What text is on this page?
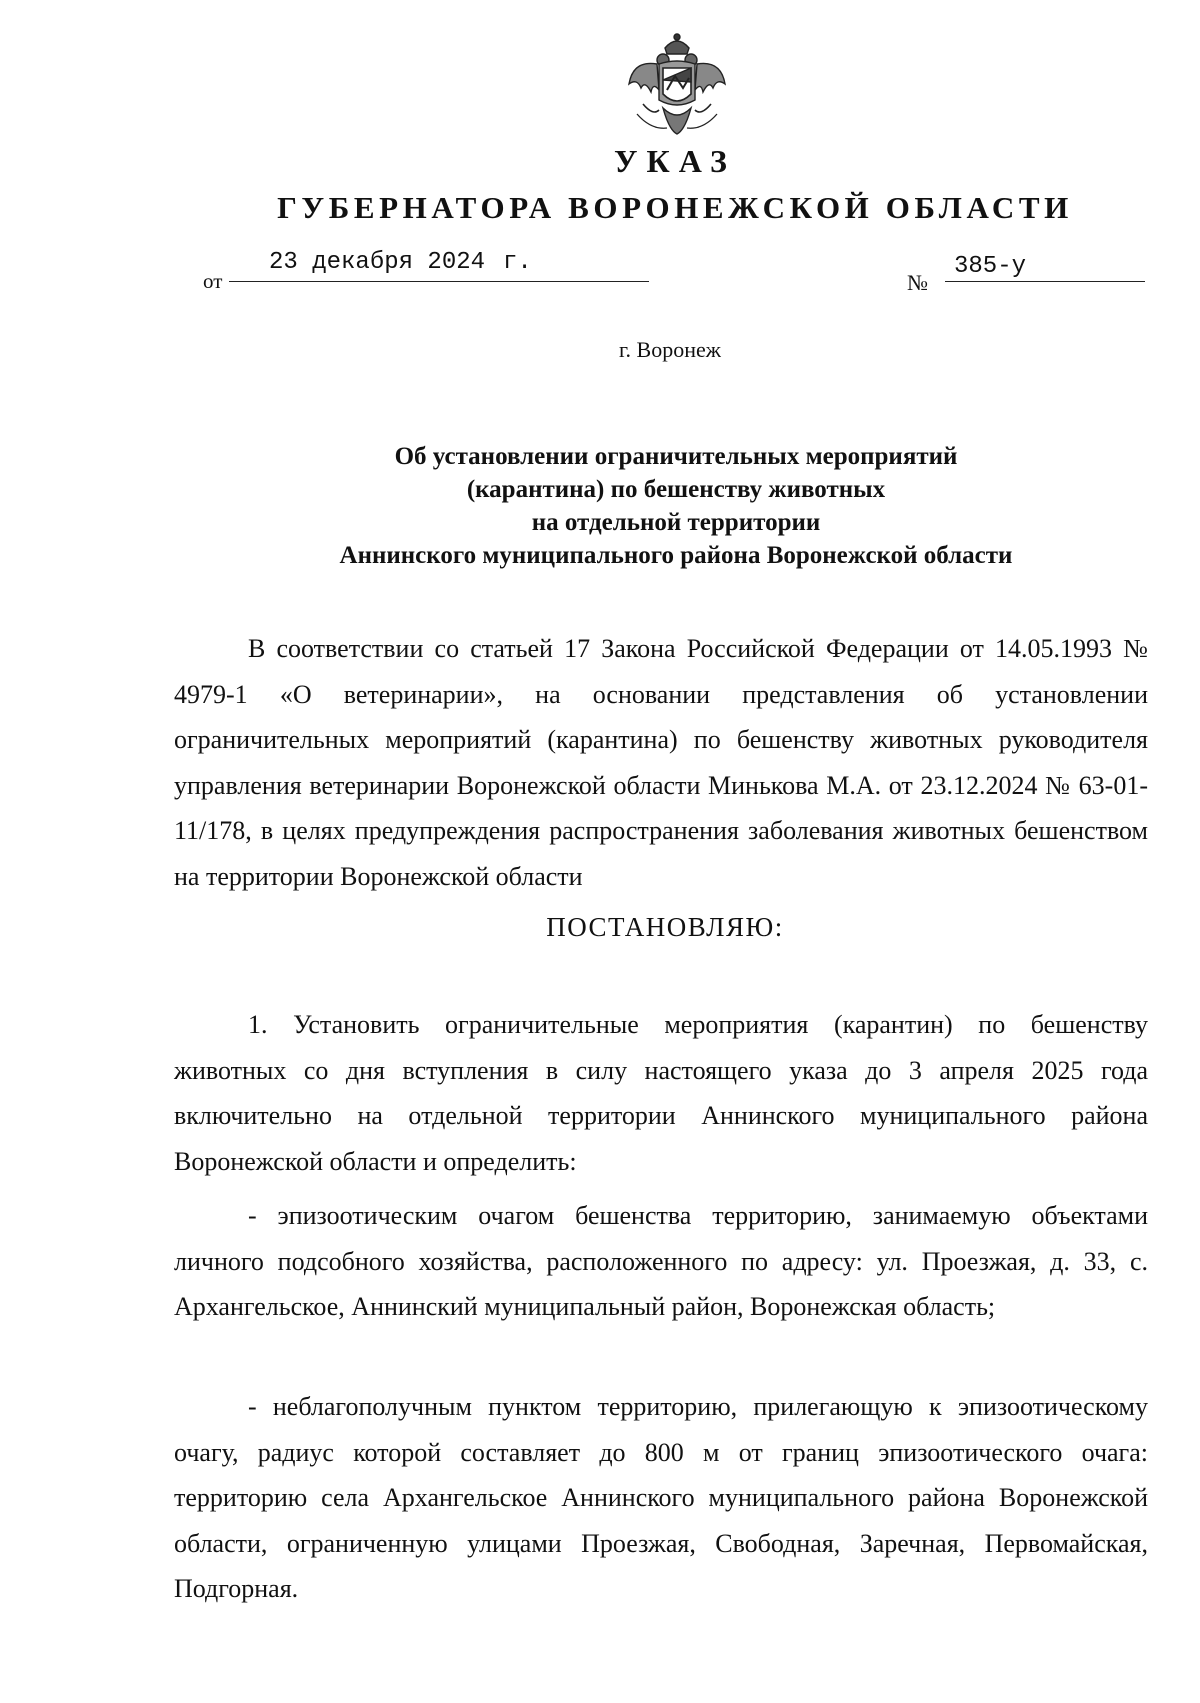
УКАЗ
ГУБЕРНАТОРА ВОРОНЕЖСКОЙ ОБЛАСТИ
от
23 декабря 2024 г.
№
385-у
г. Воронеж
Об установлении ограничительных мероприятий
(карантина) по бешенству животных
на отдельной территории
Аннинского муниципального района Воронежской области

В соответствии со статьей 17 Закона Российской Федерации от 14.05.1993 № 4979-1 «О ветеринарии», на основании представления об установлении ограничительных мероприятий (карантина) по бешенству животных руководителя управления ветеринарии Воронежской области Минькова М.А. от 23.12.2024 № 63-01-11/178, в целях предупреждения распространения заболевания животных бешенством на территории Воронежской области

ПОСТАНОВЛЯЮ:

1. Установить ограничительные мероприятия (карантин) по бешенству животных со дня вступления в силу настоящего указа до 3 апреля 2025 года включительно на отдельной территории Аннинского муниципального района Воронежской области и определить:

- эпизоотическим очагом бешенства территорию, занимаемую объектами личного подсобного хозяйства, расположенного по адресу: ул. Проезжая, д. 33, с. Архангельское, Аннинский муниципальный район, Воронежская область;

- неблагополучным пунктом территорию, прилегающую к эпизоотическому очагу, радиус которой составляет до 800 м от границ эпизоотического очага: территорию села Архангельское Аннинского муниципального района Воронежской области, ограниченную улицами Проезжая, Свободная, Заречная, Первомайская, Подгорная.
